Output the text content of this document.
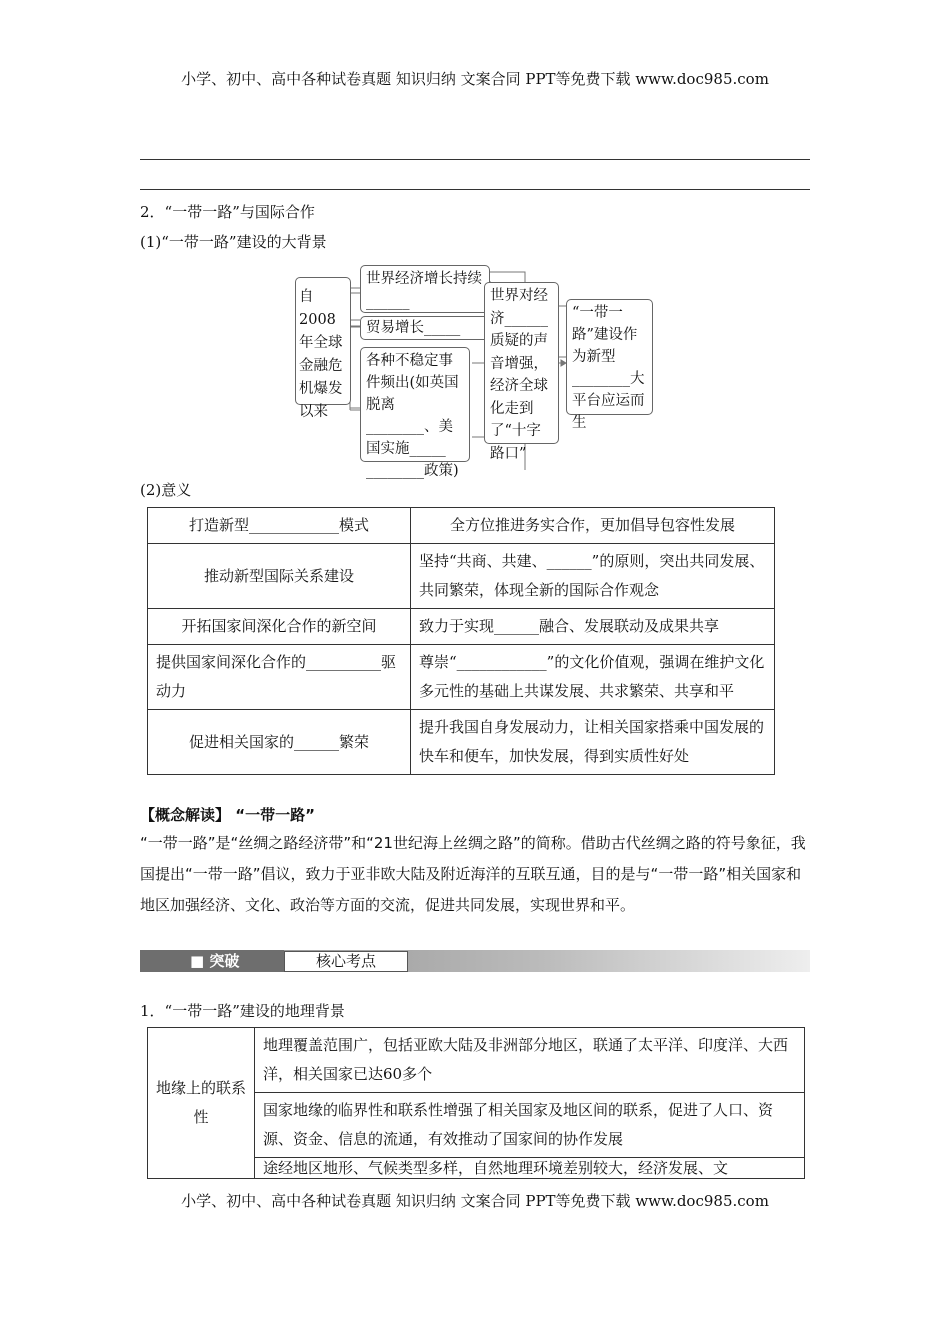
小学、初中、高中各种试卷真题 知识归纳 文案合同 PPT等免费下载 www.doc985.com
2．“一带一路”与国际合作
(1)“一带一路”建设的大背景
自2008年全球金融危机爆发以来
世界经济增长持续______
贸易增长_____
各种不稳定事件频出(如英国脱离________、美国实施_____ ________政策)
世界对经济______质疑的声音增强，经济全球化走到了“十字路口”
“一带一路”建设作为新型________大平台应运而生
(2)意义
打造新型____________模式	全方位推进务实合作，更加倡导包容性发展
推动新型国际关系建设	坚持“共商、共建、______”的原则，突出共同发展、共同繁荣，体现全新的国际合作观念
开拓国家间深化合作的新空间	致力于实现______融合、发展联动及成果共享
提供国家间深化合作的__________驱动力	尊崇“____________”的文化价值观，强调在维护文化多元性的基础上共谋发展、共求繁荣、共享和平
促进相关国家的______繁荣	提升我国自身发展动力，让相关国家搭乘中国发展的快车和便车，加快发展，得到实质性好处
【概念解读】 “一带一路”
“一带一路”是“丝绸之路经济带”和“21世纪海上丝绸之路”的简称。借助古代丝绸之路的符号象征，我国提出“一带一路”倡议，致力于亚非欧大陆及附近海洋的互联互通，目的是与“一带一路”相关国家和地区加强经济、文化、政治等方面的交流，促进共同发展，实现世界和平。
■ 突破	核心考点
1．“一带一路”建设的地理背景
地缘上的联系性	地理覆盖范围广，包括亚欧大陆及非洲部分地区，联通了太平洋、印度洋、大西洋，相关国家已达60多个
国家地缘的临界性和联系性增强了相关国家及地区间的联系，促进了人口、资源、资金、信息的流通，有效推动了国家间的协作发展
途经地区地形、气候类型多样，自然地理环境差别较大，经济发展、文
小学、初中、高中各种试卷真题 知识归纳 文案合同 PPT等免费下载 www.doc985.com
